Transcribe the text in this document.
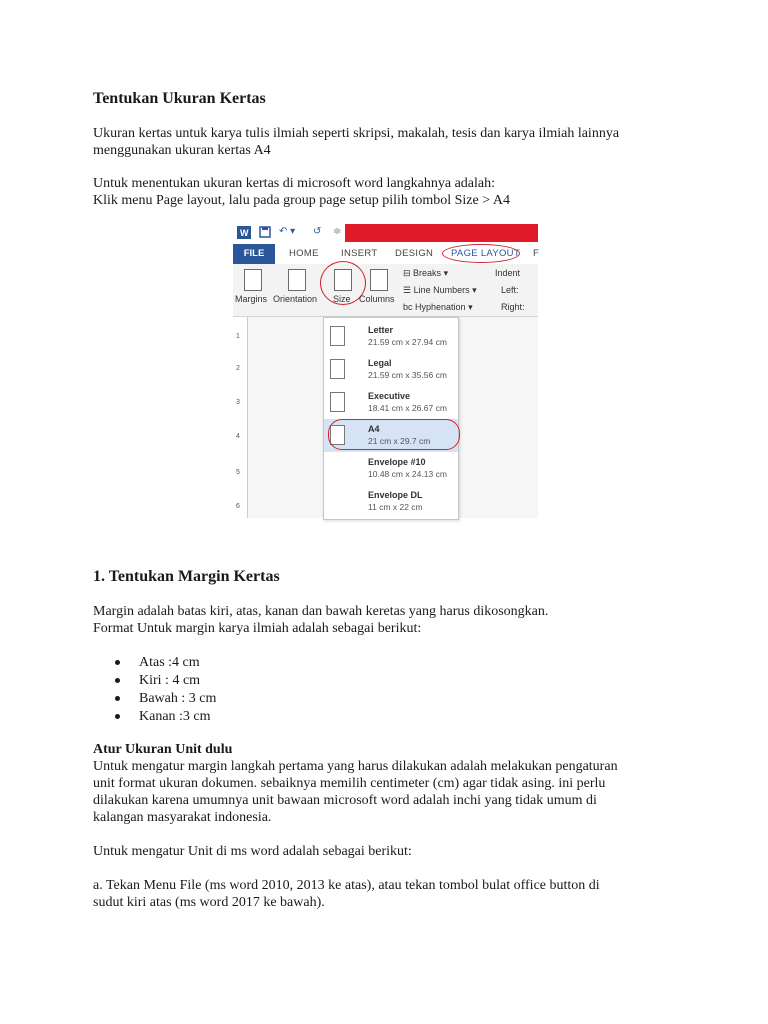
Tentukan Ukuran Kertas

Ukuran kertas untuk karya tulis ilmiah seperti skripsi, makalah, tesis dan karya ilmiah lainnya

menggunakan ukuran kertas A4

Untuk menentukan ukuran kertas di microsoft word langkahnya adalah:

Klik menu Page layout, lalu pada group page setup pilih tombol Size > A4

W	↶ ▾ ↺ ≑
HOME INSERT DESIGN PAGE LAYOUT F
FILE
Margins Orientation Size Columns
⊟ Breaks ▾
☰ Line Numbers ▾
bc Hyphenation ▾
Indent
Left:
Right:
1
2
3
4
5
6
Letter
21.59 cm x 27.94 cm
Legal
21.59 cm x 35.56 cm
Executive
18.41 cm x 26.67 cm
A4
21 cm x 29.7 cm
Envelope #10
10.48 cm x 24.13 cm
Envelope DL
11 cm x 22 cm

1. Tentukan Margin Kertas

Margin adalah batas kiri, atas, kanan dan bawah keretas yang harus dikosongkan.

Format Untuk margin karya ilmiah adalah sebagai berikut:

Atas :4 cm
Kiri : 4 cm
Bawah : 3 cm
Kanan :3 cm

Atur Ukuran Unit dulu

Untuk mengatur margin langkah pertama yang harus dilakukan adalah melakukan pengaturan

unit format ukuran dokumen. sebaiknya memilih centimeter (cm) agar tidak asing. ini perlu

dilakukan karena umumnya unit bawaan microsoft word adalah inchi yang tidak umum di

kalangan masyarakat indonesia.

Untuk mengatur Unit di ms word adalah sebagai berikut:

a. Tekan Menu File (ms word 2010, 2013 ke atas), atau tekan tombol bulat office button di

sudut kiri atas (ms word 2017 ke bawah).
